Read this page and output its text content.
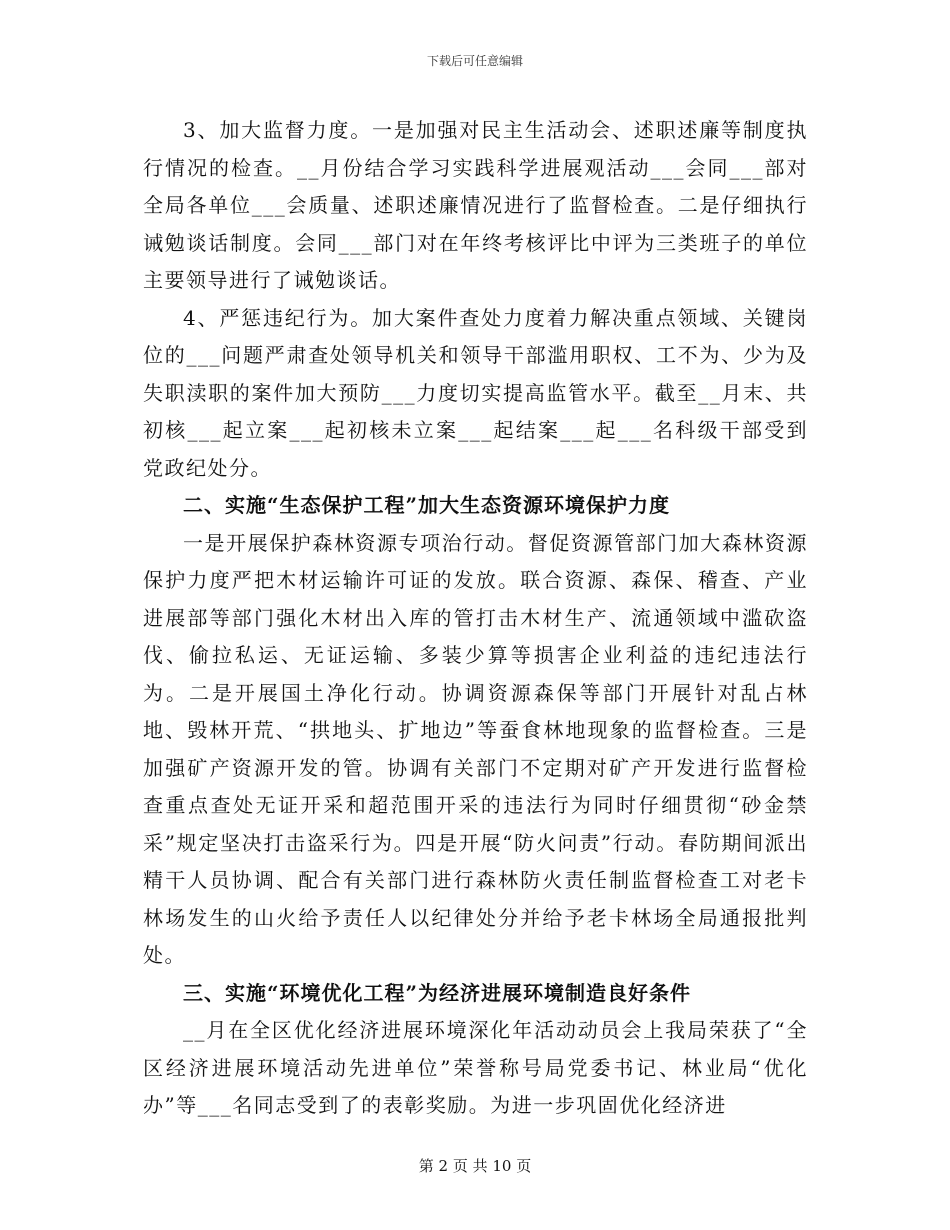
下载后可任意编辑

3、加大监督力度。一是加强对民主生活动会、述职述廉等制度执行情况的检查。__月份结合学习实践科学进展观活动___会同___部对全局各单位___会质量、述职述廉情况进行了监督检查。二是仔细执行诫勉谈话制度。会同___部门对在年终考核评比中评为三类班子的单位主要领导进行了诫勉谈话。

4、严惩违纪行为。加大案件查处力度着力解决重点领域、关键岗位的___问题严肃查处领导机关和领导干部滥用职权、工不为、少为及失职渎职的案件加大预防___力度切实提高监管水平。截至__月末、共初核___起立案___起初核未立案___起结案___起___名科级干部受到党政纪处分。

二、实施“生态保护工程”加大生态资源环境保护力度

一是开展保护森林资源专项治行动。督促资源管部门加大森林资源保护力度严把木材运输许可证的发放。联合资源、森保、稽查、产业进展部等部门强化木材出入库的管打击木材生产、流通领域中滥砍盗伐、偷拉私运、无证运输、多装少算等损害企业利益的违纪违法行为。二是开展国土净化行动。协调资源森保等部门开展针对乱占林地、毁林开荒、“拱地头、扩地边”等蚕食林地现象的监督检查。三是加强矿产资源开发的管。协调有关部门不定期对矿产开发进行监督检查重点查处无证开采和超范围开采的违法行为同时仔细贯彻“砂金禁采”规定坚决打击盗采行为。四是开展“防火问责”行动。春防期间派出精干人员协调、配合有关部门进行森林防火责任制监督检查工对老卡林场发生的山火给予责任人以纪律处分并给予老卡林场全局通报批判处。

三、实施“环境优化工程”为经济进展环境制造良好条件

__月在全区优化经济进展环境深化年活动动员会上我局荣获了“全区经济进展环境活动先进单位”荣誉称号局党委书记、林业局“优化办”等___名同志受到了的表彰奖励。为进一步巩固优化经济进

第 2 页 共 10 页
